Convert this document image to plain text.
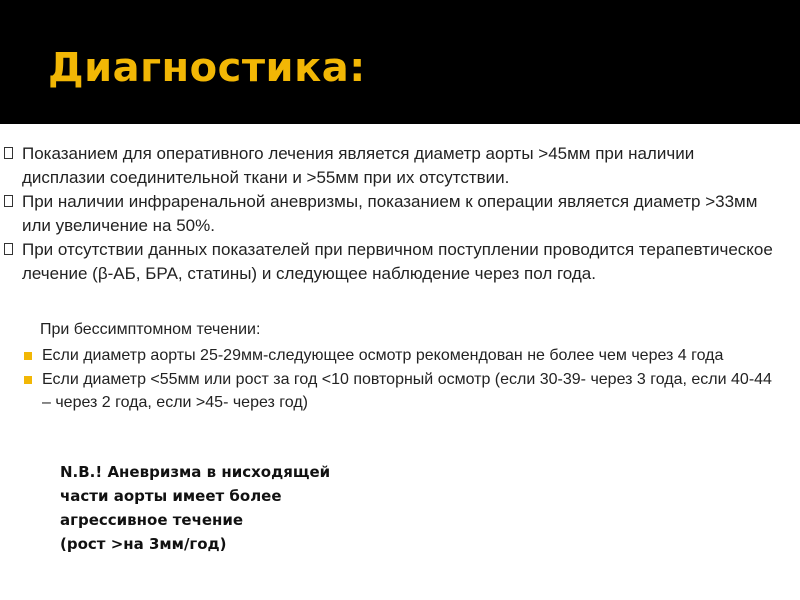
Диагностика:
Показанием для оперативного лечения является диаметр аорты >45мм при наличии дисплазии соединительной ткани и >55мм при их отсутствии.
При наличии инфраренальной аневризмы, показанием к операции является диаметр >33мм или увеличение на 50%.
При отсутствии данных показателей при первичном поступлении проводится терапевтическое лечение (β-АБ, БРА, статины) и следующее наблюдение через пол года.

При бессимптомном течении:

Если диаметр аорты 25-29мм-следующее осмотр рекомендован не более чем через 4 года
Если диаметр <55мм или рост за год <10 повторный осмотр (если 30-39- через 3 года, если 40-44 – через 2 года, если >45- через год)

N.B.! Аневризма в нисходящей
части аорты имеет более
агрессивное течение
(рост >на 3мм/год)
